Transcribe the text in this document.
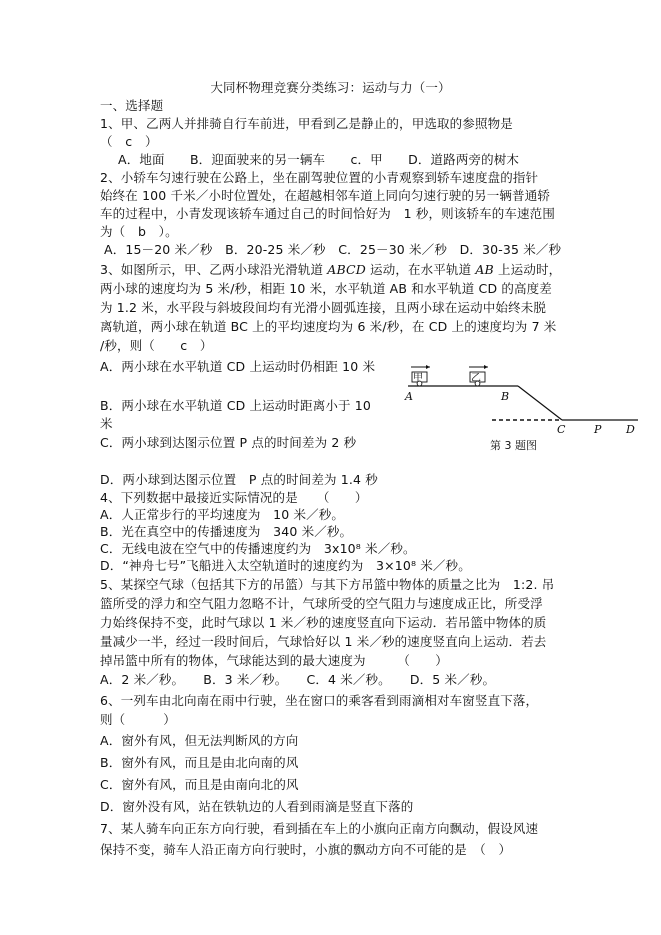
大同杯物理竞赛分类练习：运动与力（一）
一、选择题
1、甲、乙两人并排骑自行车前进，甲看到乙是静止的，甲选取的参照物是
（　c　）
A．地面　　B．迎面驶来的另一辆车　　c．甲　　D．道路两旁的树木
2、小轿车匀速行驶在公路上，坐在副驾驶位置的小青观察到轿车速度盘的指针
始终在 100 千米／小时位置处，在超越相邻车道上同向匀速行驶的另一辆普通轿
车的过程中，小青发现该轿车通过自己的时间恰好为　1 秒，则该轿车的车速范围
为（　b　）。
A．15－20 米／秒　B．20-25 米／秒　C．25－30 米／秒　D．30-35 米／秒
3、如图所示，甲、乙两小球沿光滑轨道 ABCD 运动，在水平轨道 AB 上运动时，
两小球的速度均为 5 米/秒，相距 10 米，水平轨道 AB 和水平轨道 CD 的高度差
为 1.2 米，水平段与斜坡段间均有光滑小圆弧连接，且两小球在运动中始终未脱
离轨道，两小球在轨道 BC 上的平均速度均为 6 米/秒，在 CD 上的速度均为 7 米
/秒，则（　　c　）
A．两小球在水平轨道 CD 上运动时仍相距 10 米
B．两小球在水平轨道 CD 上运动时距离小于 10
米
C．两小球到达图示位置 P 点的时间差为 2 秒
D．两小球到达图示位置　P 点的时间差为 1.4 秒
甲	乙
A	B
C	P D
第 3 题图
4、下列数据中最接近实际情况的是　　（　　）
A．人正常步行的平均速度为　10 米／秒。
B．光在真空中的传播速度为　340 米／秒。
C．无线电波在空气中的传播速度约为　3x10⁸ 米／秒。
D．“神舟七号”飞船进入太空轨道时的速度约为　3×10⁸ 米／秒。
5、某探空气球（包括其下方的吊篮）与其下方吊篮中物体的质量之比为　1:2. 吊
篮所受的浮力和空气阻力忽略不计，气球所受的空气阻力与速度成正比，所受浮
力始终保持不变，此时气球以 1 米／秒的速度竖直向下运动．若吊篮中物体的质
量减少一半，经过一段时间后，气球恰好以 1 米／秒的速度竖直向上运动．若去
掉吊篮中所有的物体，气球能达到的最大速度为　　　（　　）
A．2 米／秒。　　B．3 米／秒。　　C．4 米／秒。　　D．5 米／秒。
6、一列车由北向南在雨中行驶，坐在窗口的乘客看到雨滴相对车窗竖直下落，
则（　　　）
A．窗外有风，但无法判断风的方向
B．窗外有风，而且是由北向南的风
C．窗外有风，而且是由南向北的风
D．窗外没有风，站在铁轨边的人看到雨滴是竖直下落的
7、某人骑车向正东方向行驶，看到插在车上的小旗向正南方向飘动，假设风速
保持不变，骑车人沿正南方向行驶时，小旗的飘动方向不可能的是　（　）
